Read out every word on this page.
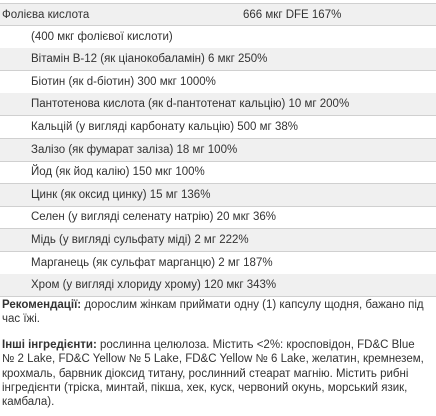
Фолієва кислота	666 мкг DFE 167%
(400 мкг фолієвої кислоти)
Вітамін B-12 (як ціанокобаламін) 6 мкг 250%
Біотин (як d-біотин) 300 мкг 1000%
Пантотенова кислота (як d-пантотенат кальцію) 10 мг 200%
Кальцій (у вигляді карбонату кальцію) 500 мг 38%
Залізо (як фумарат заліза) 18 мг 100%
Йод (як йод калію) 150 мкг 100%
Цинк (як оксид цинку) 15 мг 136%
Селен (у вигляді селенату натрію) 20 мкг 36%
Мідь (у вигляді сульфату міді) 2 мг 222%
Марганець (як сульфат марганцю) 2 мг 187%
Хром (у вигляді хлориду хрому) 120 мкг 343%
Рекомендації: доросли​м жінкам приймати одну (1) капсулу щодня, бажано під час їжі.
Інші інгредієнти: рослинна целюлоза. Містить <2%: кросповідон, FD&C Blue № 2 Lake, FD&C Yellow № 5 Lake, FD&C Yellow № 6 Lake, желатин, кремнезем, крохмаль, барвник діоксид титану, рослинний стеарат магнію. Містить рибні інгредієнти (тріска, минтай, пікша, хек, куск, червоний окунь, морський язик, камбала).
